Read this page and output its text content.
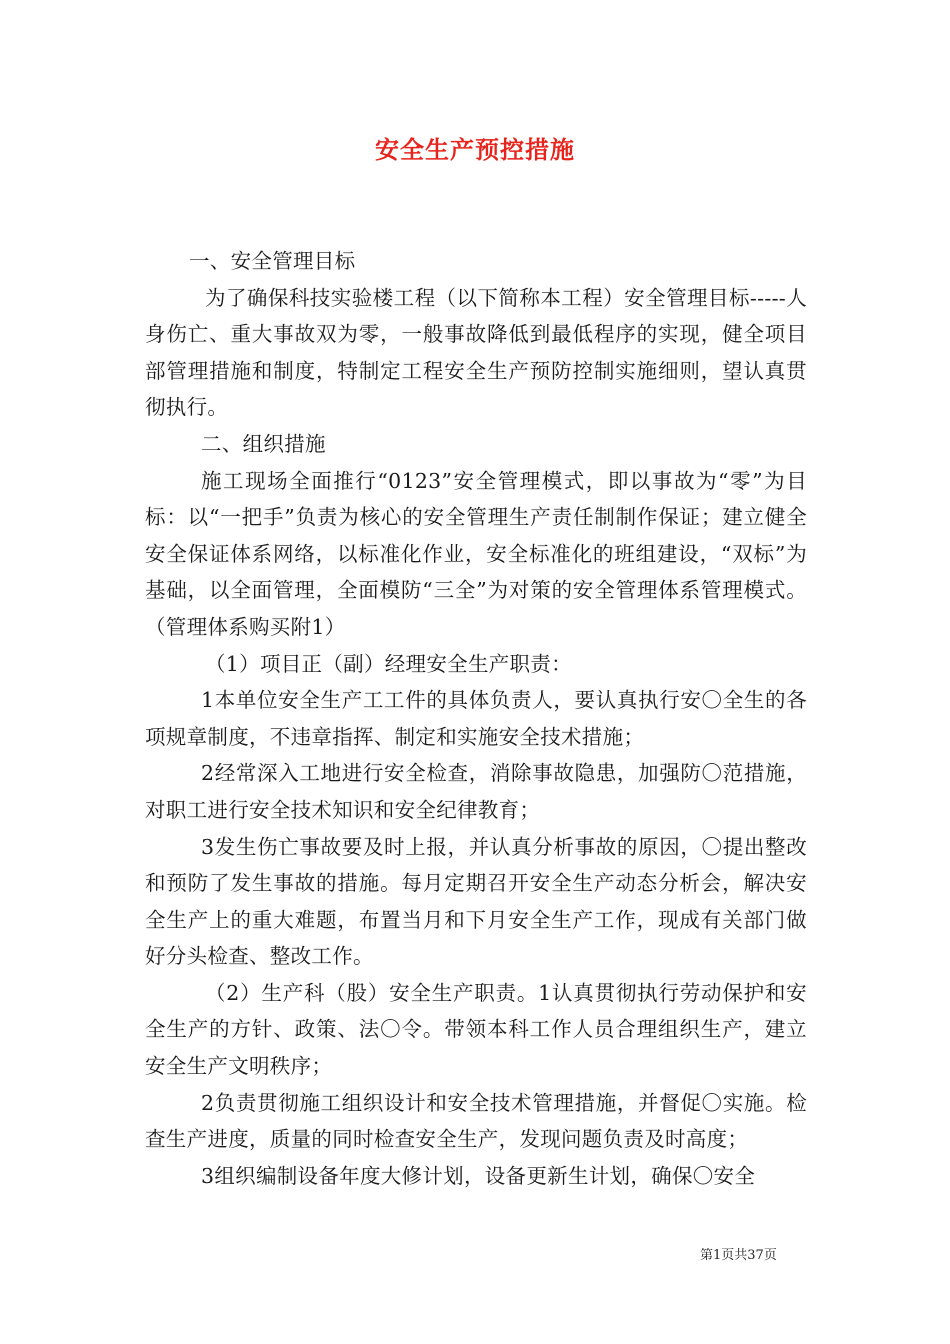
安全生产预控措施

一、安全管理目标

为了确保科技实验楼工程（以下简称本工程）安全管理目标-----人身伤亡、重大事故双为零，一般事故降低到最低程序的实现，健全项目部管理措施和制度，特制定工程安全生产预防控制实施细则，望认真贯彻执行。

二、组织措施

施工现场全面推行“0123”安全管理模式，即以事故为“零”为目标：以“一把手”负责为核心的安全管理生产责任制制作保证；建立健全安全保证体系网络，以标准化作业，安全标准化的班组建设，“双标”为基础，以全面管理，全面模防“三全”为对策的安全管理体系管理模式。（管理体系购买附1）

（1）项目正（副）经理安全生产职责：

1本单位安全生产工工件的具体负责人，要认真执行安〇全生的各项规章制度，不违章指挥、制定和实施安全技术措施；

2经常深入工地进行安全检查，消除事故隐患，加强防〇范措施，对职工进行安全技术知识和安全纪律教育；

3发生伤亡事故要及时上报，并认真分析事故的原因，〇提出整改和预防了发生事故的措施。每月定期召开安全生产动态分析会，解决安全生产上的重大难题，布置当月和下月安全生产工作，现成有关部门做好分头检查、整改工作。

（2）生产科（股）安全生产职责。1认真贯彻执行劳动保护和安全生产的方针、政策、法〇令。带领本科工作人员合理组织生产，建立安全生产文明秩序；

2负责贯彻施工组织设计和安全技术管理措施，并督促〇实施。检查生产进度，质量的同时检查安全生产，发现问题负责及时高度；

3组织编制设备年度大修计划，设备更新生计划，确保〇安全

第1页共37页
